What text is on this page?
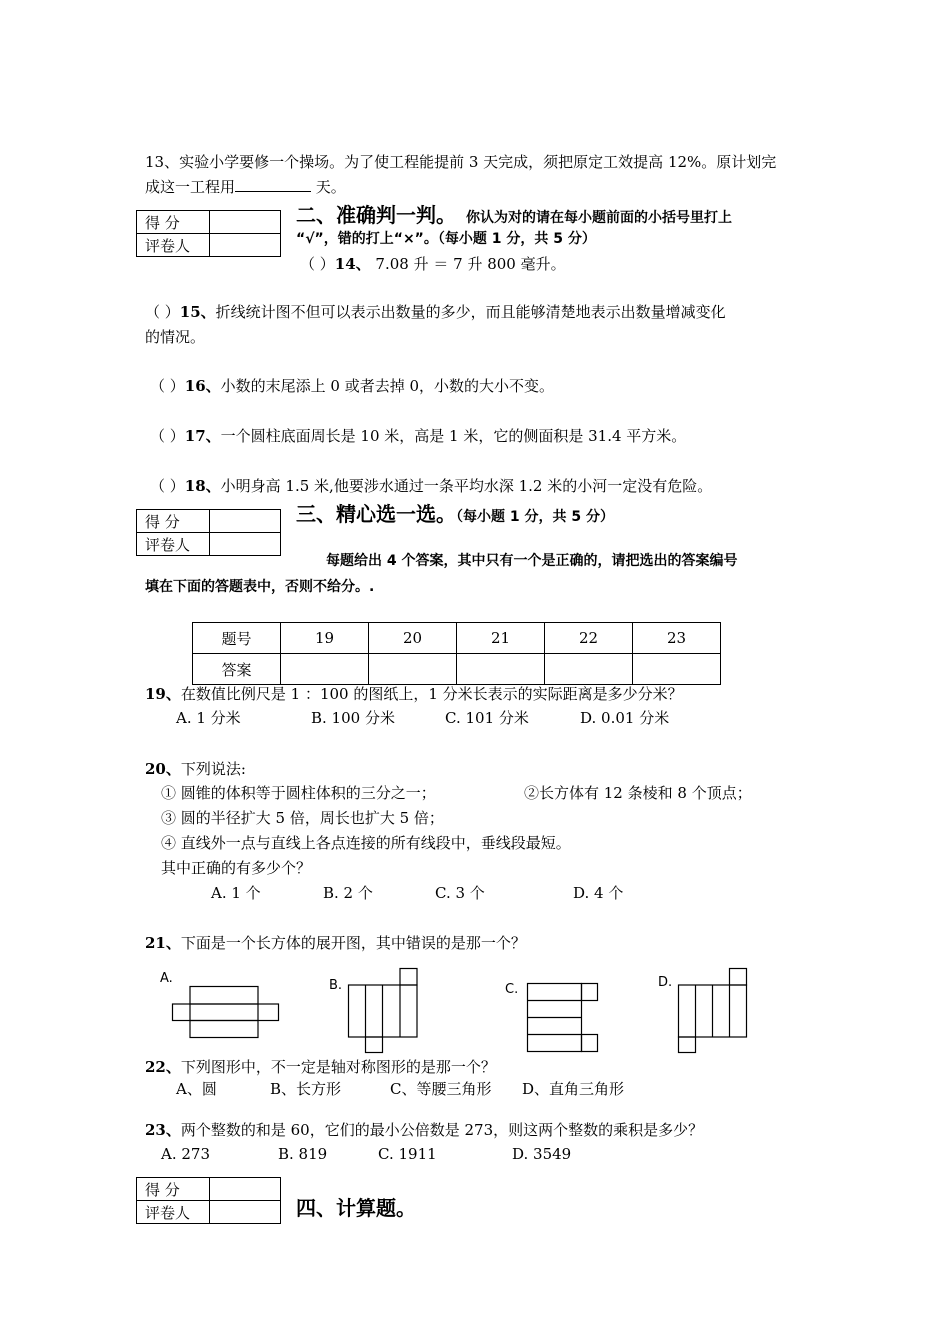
13、实验小学要修一个操场。为了使工程能提前 3 天完成，须把原定工效提高 12%。原计划完
成这一工程用	天。
得 分	
评卷人	
二、准确判一判。 你认为对的请在每小题前面的小括号里打上
“√”，错的打上“×”。（每小题 1 分，共 5 分）
（ ）14、 7.08 升 ＝ 7 升 800 毫升。
（ ）15、折线统计图不但可以表示出数量的多少，而且能够清楚地表示出数量增减变化
的情况。
（ ）16、小数的末尾添上 0 或者去掉 0，小数的大小不变。
（ ）17、一个圆柱底面周长是 10 米，高是 1 米，它的侧面积是 31.4 平方米。
（ ）18、小明身高 1.5 米,他要涉水通过一条平均水深 1.2 米的小河一定没有危险。
得 分	
评卷人	
三、精心选一选。（每小题 1 分，共 5 分）
每题给出 4 个答案，其中只有一个是正确的，请把选出的答案编号
填在下面的答题表中，否则不给分。.
题号	19	20	21	22	23
答案					
19、在数值比例尺是 1 ：100 的图纸上，1 分米长表示的实际距离是多少分米？
A. 1 分米	B. 100 分米	C. 101 分米	D. 0.01 分米
20、下列说法:
① 圆锥的体积等于圆柱体积的三分之一；	②长方体有 12 条棱和 8 个顶点；
③ 圆的半径扩大 5 倍，周长也扩大 5 倍；
④ 直线外一点与直线上各点连接的所有线段中，垂线段最短。
其中正确的有多少个？
A. 1 个	B. 2 个	C. 3 个	D. 4 个
21、下面是一个长方体的展开图，其中错误的是那一个？
A.	B.	C.	D.
22、下列图形中，不一定是轴对称图形的是那一个？
A、圆	B、长方形	C、等腰三角形 D、直角三角形
23、两个整数的和是 60，它们的最小公倍数是 273，则这两个整数的乘积是多少？
A. 273	B. 819	C. 1911	D. 3549
得 分	
评卷人		四、计算题。
